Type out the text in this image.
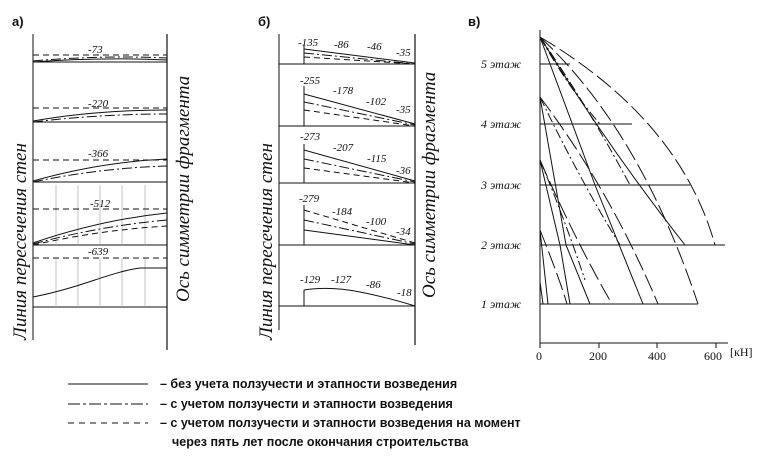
а)	б)	в)
-73
-220
-366
-512
-639
Линия пересечения стен	Ось симметрии фрагмента
-135 -86 -46 -35
-255
-178
-102
-35
-273
-207
-115
-36
-279
-184
-100
-34
-129 -127 -86
-18
Линия пересечения стен	Ось симметрии фрагмента
5 этаж
4 этаж
3 этаж
2 этаж
1 этаж
0	200	400	600 [кН]
– без учета ползучести и этапности возведения
– с учетом ползучести и этапности возведения
– с учетом ползучести и этапности возведения на момент
через пять лет после окончания строительства
